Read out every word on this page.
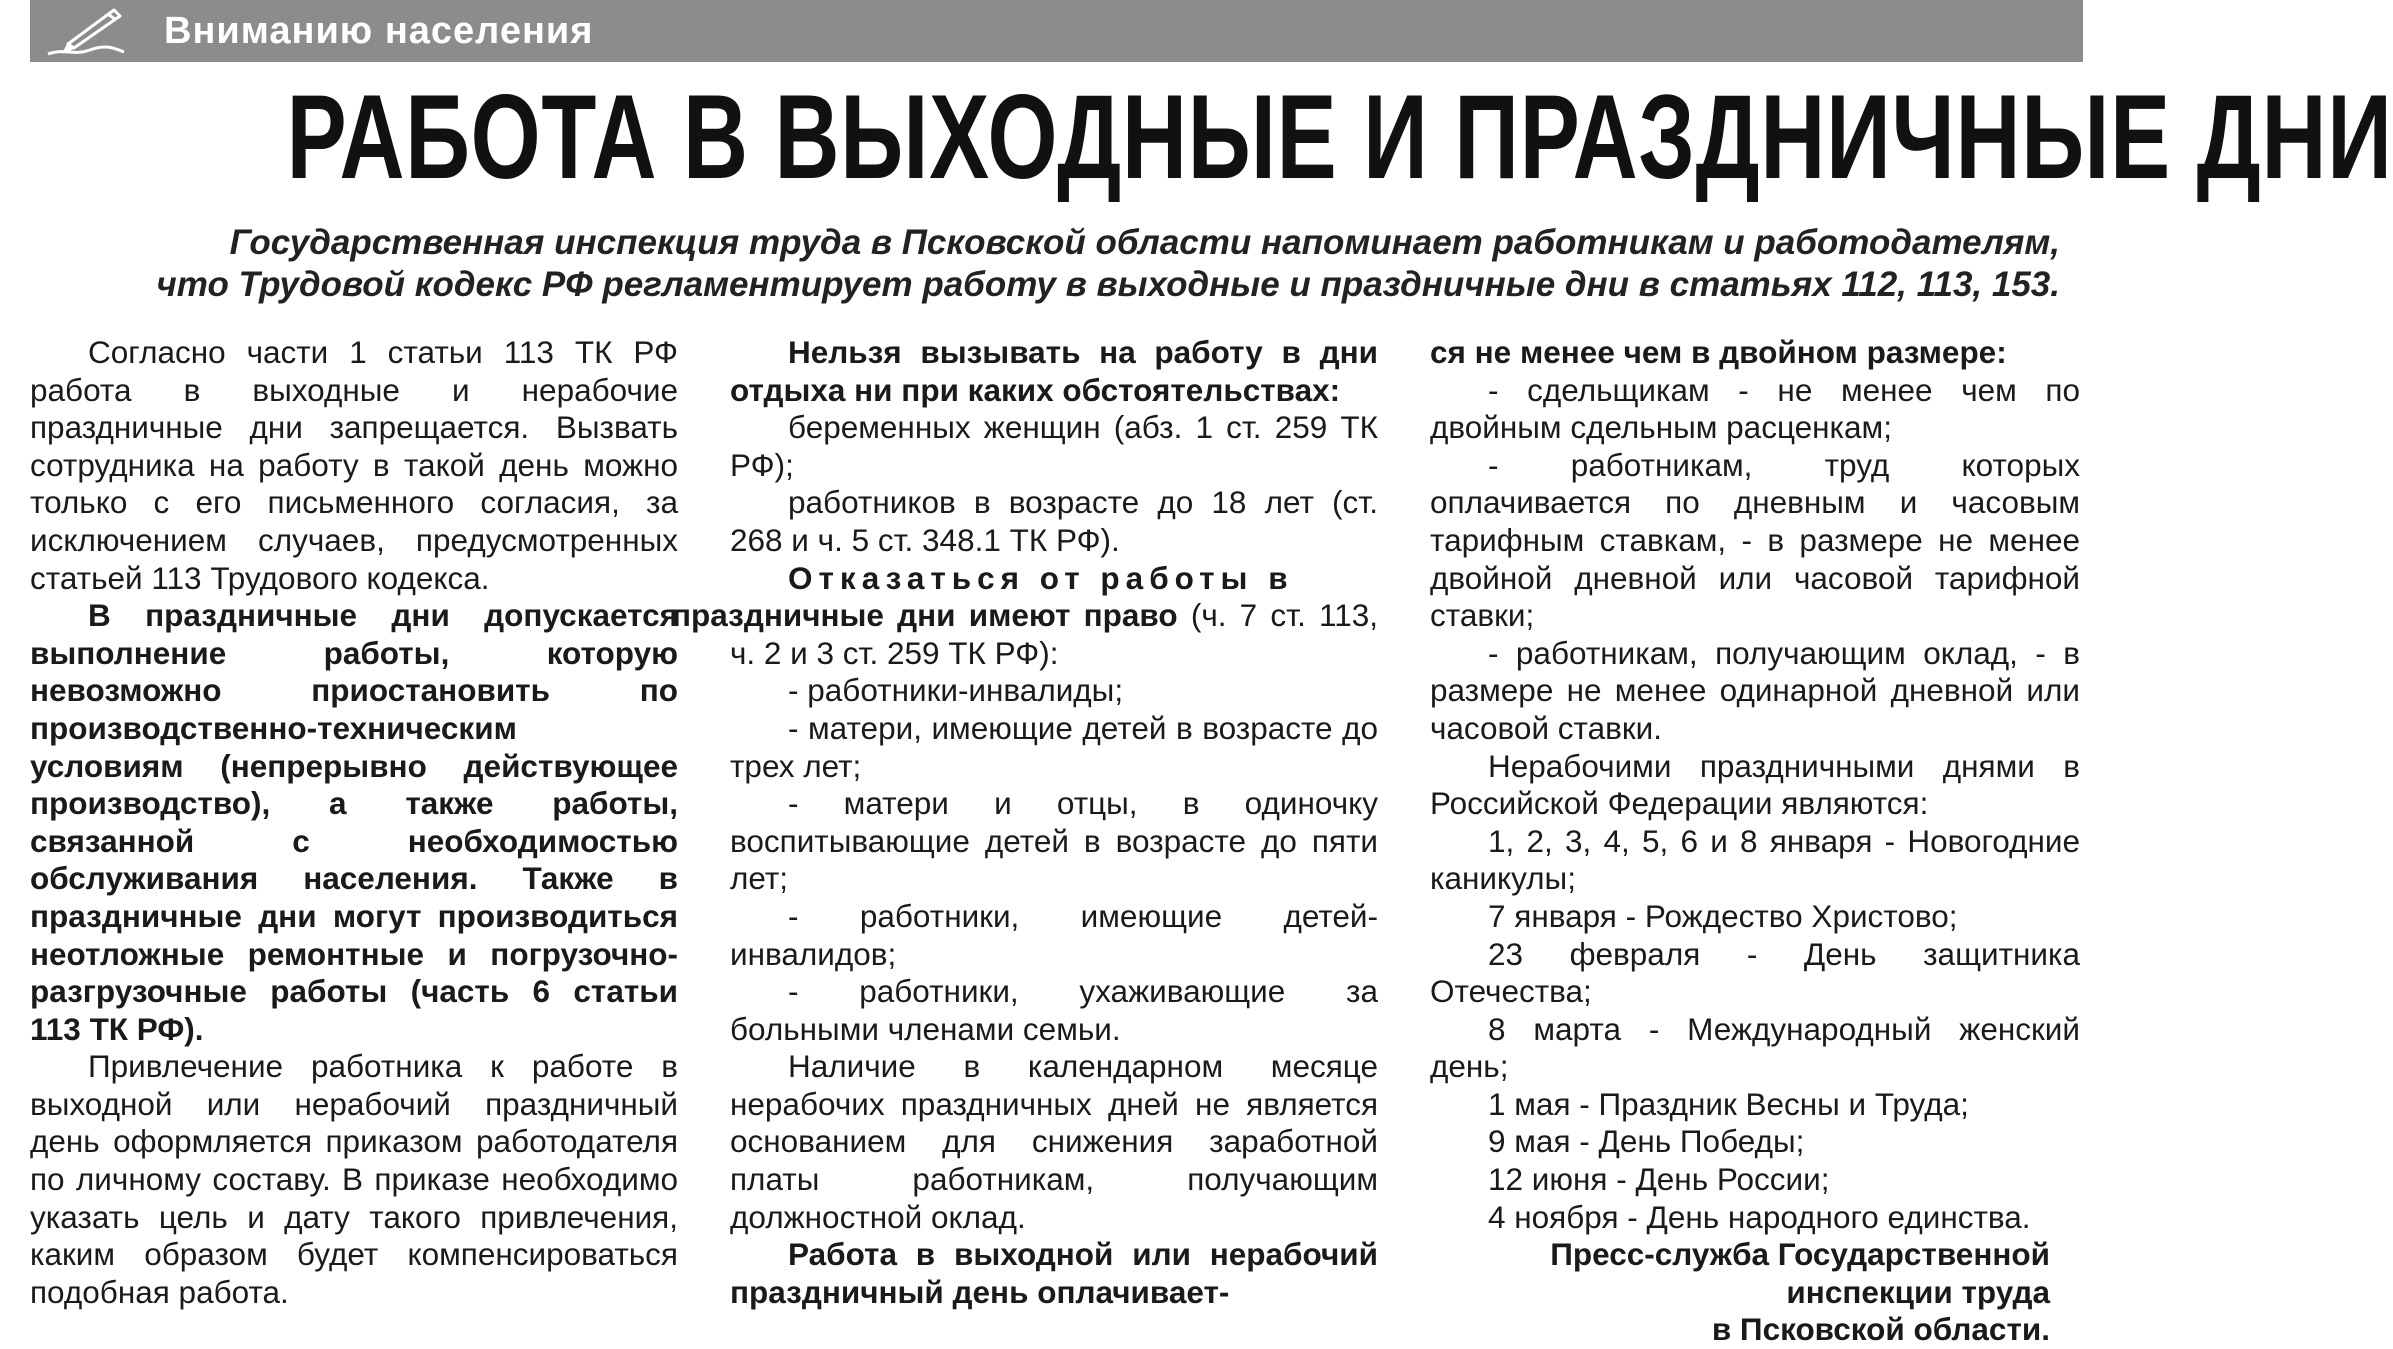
Вниманию населения
РАБОТА В ВЫХОДНЫЕ И ПРАЗДНИЧНЫЕ ДНИ
Государственная инспекция труда в Псковской области напоминает работникам и работодателям,
что Трудовой кодекс РФ регламентирует работу в выходные и праздничные дни в статьях 112, 113, 153.

Согласно части 1 статьи 113 ТК РФ работа в выходные и нерабочие праздничные дни запрещается. Вызвать сотрудника на работу в такой день можно только с его письменного согласия, за исключением случаев, предусмотренных статьей 113 Трудового кодекса.

В праздничные дни допускается выполнение работы, которую невозможно приостановить по производственно-техническим условиям (непрерывно действующее производство), а также работы, связанной с необходимостью обслуживания населения. Также в праздничные дни могут производиться неотложные ремонтные и погрузочно-разгрузочные работы (часть 6 статьи 113 ТК РФ).

Привлечение работника к работе в выходной или нерабочий праздничный день оформляется приказом работодателя по личному составу. В приказе необходимо указать цель и дату такого привлечения, каким образом будет компенсироваться подобная работа.

Нельзя вызывать на работу в дни отдыха ни при каких обстоятельствах:

беременных женщин (абз. 1 ст. 259 ТК РФ);

работников в возрасте до 18 лет (ст. 268 и ч. 5 ст. 348.1 ТК РФ).

Отказаться от работы в
праздничные дни имеют право (ч. 7 ст. 113, ч. 2 и 3 ст. 259 ТК РФ):

- работники-инвалиды;

- матери, имеющие детей в возрасте до трех лет;

- матери и отцы, в одиночку воспитывающие детей в возрасте до пяти лет;

- работники, имеющие детей-инвалидов;

- работники, ухаживающие за больными членами семьи.

Наличие в календарном месяце нерабочих праздничных дней не является основанием для снижения заработной платы работникам, получающим должностной оклад.

Работа в выходной или нерабочий праздничный день оплачивает-

ся не менее чем в двойном размере:

- сдельщикам - не менее чем по двойным сдельным расценкам;

- работникам, труд которых оплачивается по дневным и часовым тарифным ставкам, - в размере не менее двойной дневной или часовой тарифной ставки;

- работникам, получающим оклад, - в размере не менее одинарной дневной или часовой ставки.

Нерабочими праздничными днями в Российской Федерации являются:

1, 2, 3, 4, 5, 6 и 8 января - Новогодние каникулы;

7 января - Рождество Христово;

23 февраля - День защитника Отечества;

8 марта - Международный женский день;

1 мая - Праздник Весны и Труда;

9 мая - День Победы;

12 июня - День России;

4 ноября - День народного единства.

Пресс-служба Государственной

инспекции труда

в Псковской области.
